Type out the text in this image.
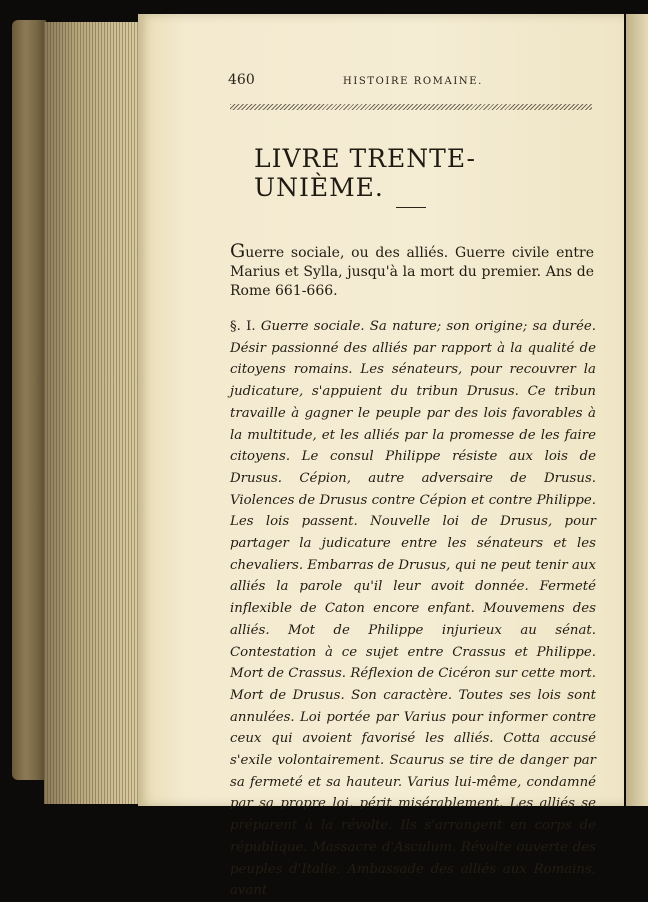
460	HISTOIRE ROMAINE.
LIVRE TRENTE-UNIÈME.
Guerre sociale, ou des alliés. Guerre civile entre Marius et Sylla, jusqu'à la mort du premier. Ans de Rome 661-666.
§. I. Guerre sociale. Sa nature; son origine; sa durée. Désir passionné des alliés par rapport à la qualité de citoyens romains. Les sénateurs, pour recouvrer la judicature, s'appuient du tribun Drusus. Ce tribun travaille à gagner le peuple par des lois favorables à la multitude, et les alliés par la promesse de les faire citoyens. Le consul Philippe résiste aux lois de Drusus. Cépion, autre adversaire de Drusus. Violences de Drusus contre Cépion et contre Philippe. Les lois passent. Nouvelle loi de Drusus, pour partager la judicature entre les sénateurs et les chevaliers. Embarras de Drusus, qui ne peut tenir aux alliés la parole qu'il leur avoit donnée. Fermeté inflexible de Caton encore enfant. Mouvemens des alliés. Mot de Philippe injurieux au sénat. Contestation à ce sujet entre Crassus et Philippe. Mort de Crassus. Réflexion de Cicéron sur cette mort. Mort de Drusus. Son caractère. Toutes ses lois sont annulées. Loi portée par Varius pour informer contre ceux qui avoient favorisé les alliés. Cotta accusé s'exile volontairement. Scaurus se tire de danger par sa fermeté et sa hauteur. Varius lui-même, condamné par sa propre loi, périt misérablement. Les alliés se préparent à la révolte. Ils s'arrangent en corps de république. Massacre d'Asculum. Révolte ouverte des peuples d'Italie. Ambassade des alliés aux Romains, avant
